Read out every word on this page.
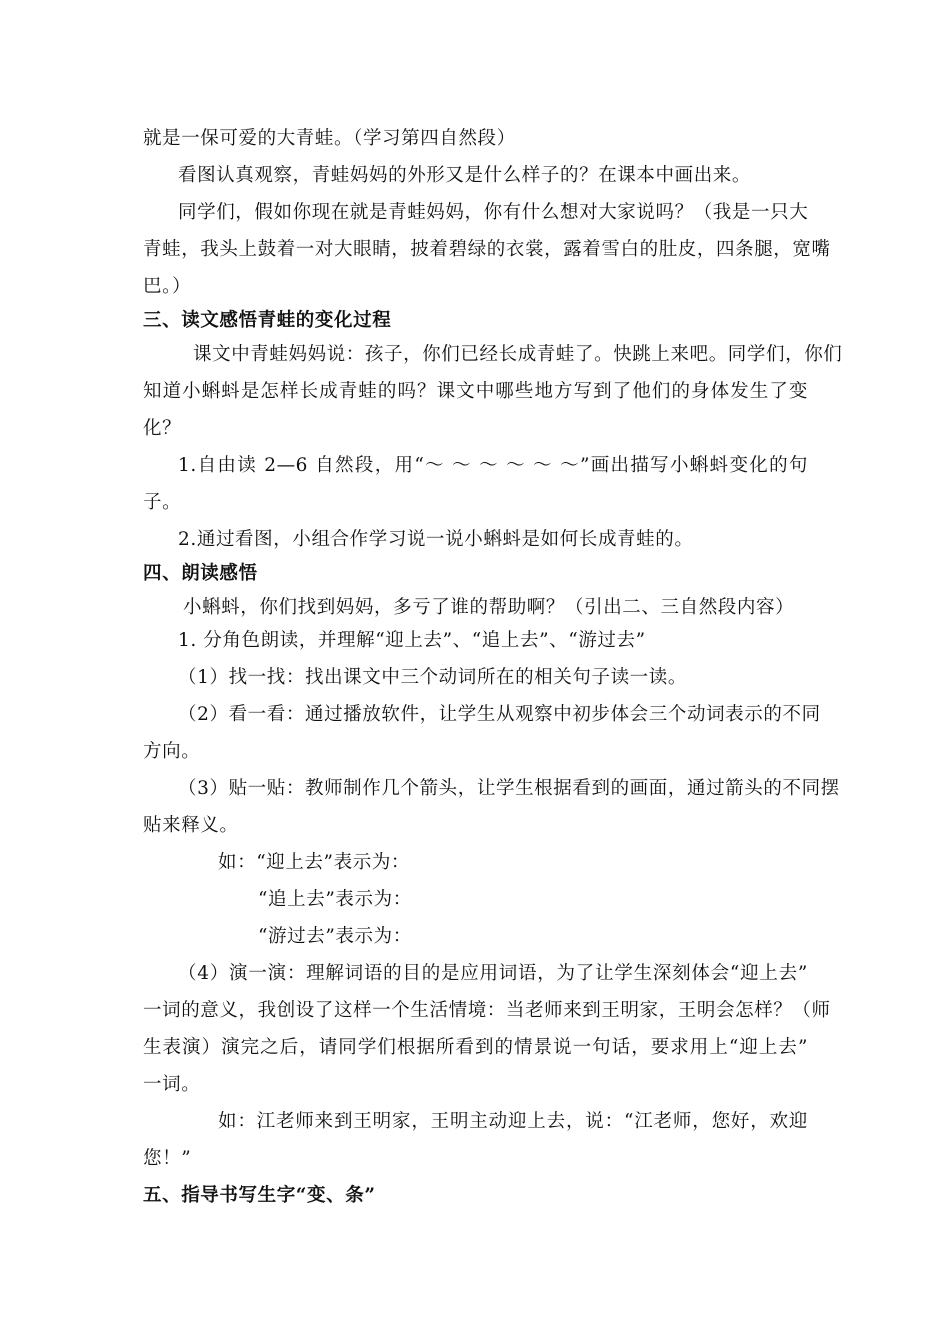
就是一保可爱的大青蛙。（学习第四自然段）
看图认真观察，青蛙妈妈的外形又是什么样子的？在课本中画出来。
同学们，假如你现在就是青蛙妈妈，你有什么想对大家说吗？（我是一只大
青蛙，我头上鼓着一对大眼睛，披着碧绿的衣裳，露着雪白的肚皮，四条腿，宽嘴
巴。）
三、读文感悟青蛙的变化过程
课文中青蛙妈妈说：孩子，你们已经长成青蛙了。快跳上来吧。同学们，你们
知道小蝌蚪是怎样长成青蛙的吗？课文中哪些地方写到了他们的身体发生了变
化？
1.自由读 2—6 自然段，用“～ ～ ～ ～ ～ ～”画出描写小蝌蚪变化的句
子。
2.通过看图，小组合作学习说一说小蝌蚪是如何长成青蛙的。
四、朗读感悟
小蝌蚪，你们找到妈妈，多亏了谁的帮助啊？（引出二、三自然段内容）
1. 分角色朗读，并理解“迎上去”、“追上去”、“游过去”
（1）找一找：找出课文中三个动词所在的相关句子读一读。
（2）看一看：通过播放软件，让学生从观察中初步体会三个动词表示的不同
方向。
（3）贴一贴：教师制作几个箭头，让学生根据看到的画面，通过箭头的不同摆
贴来释义。
如：“迎上去”表示为：
“追上去”表示为：
“游过去”表示为：
（4）演一演：理解词语的目的是应用词语，为了让学生深刻体会“迎上去”
一词的意义，我创设了这样一个生活情境：当老师来到王明家，王明会怎样？（师
生表演）演完之后，请同学们根据所看到的情景说一句话，要求用上“迎上去”
一词。
如：江老师来到王明家，王明主动迎上去，说：“江老师，您好，欢迎
您！”
五、指导书写生字“变、条”
